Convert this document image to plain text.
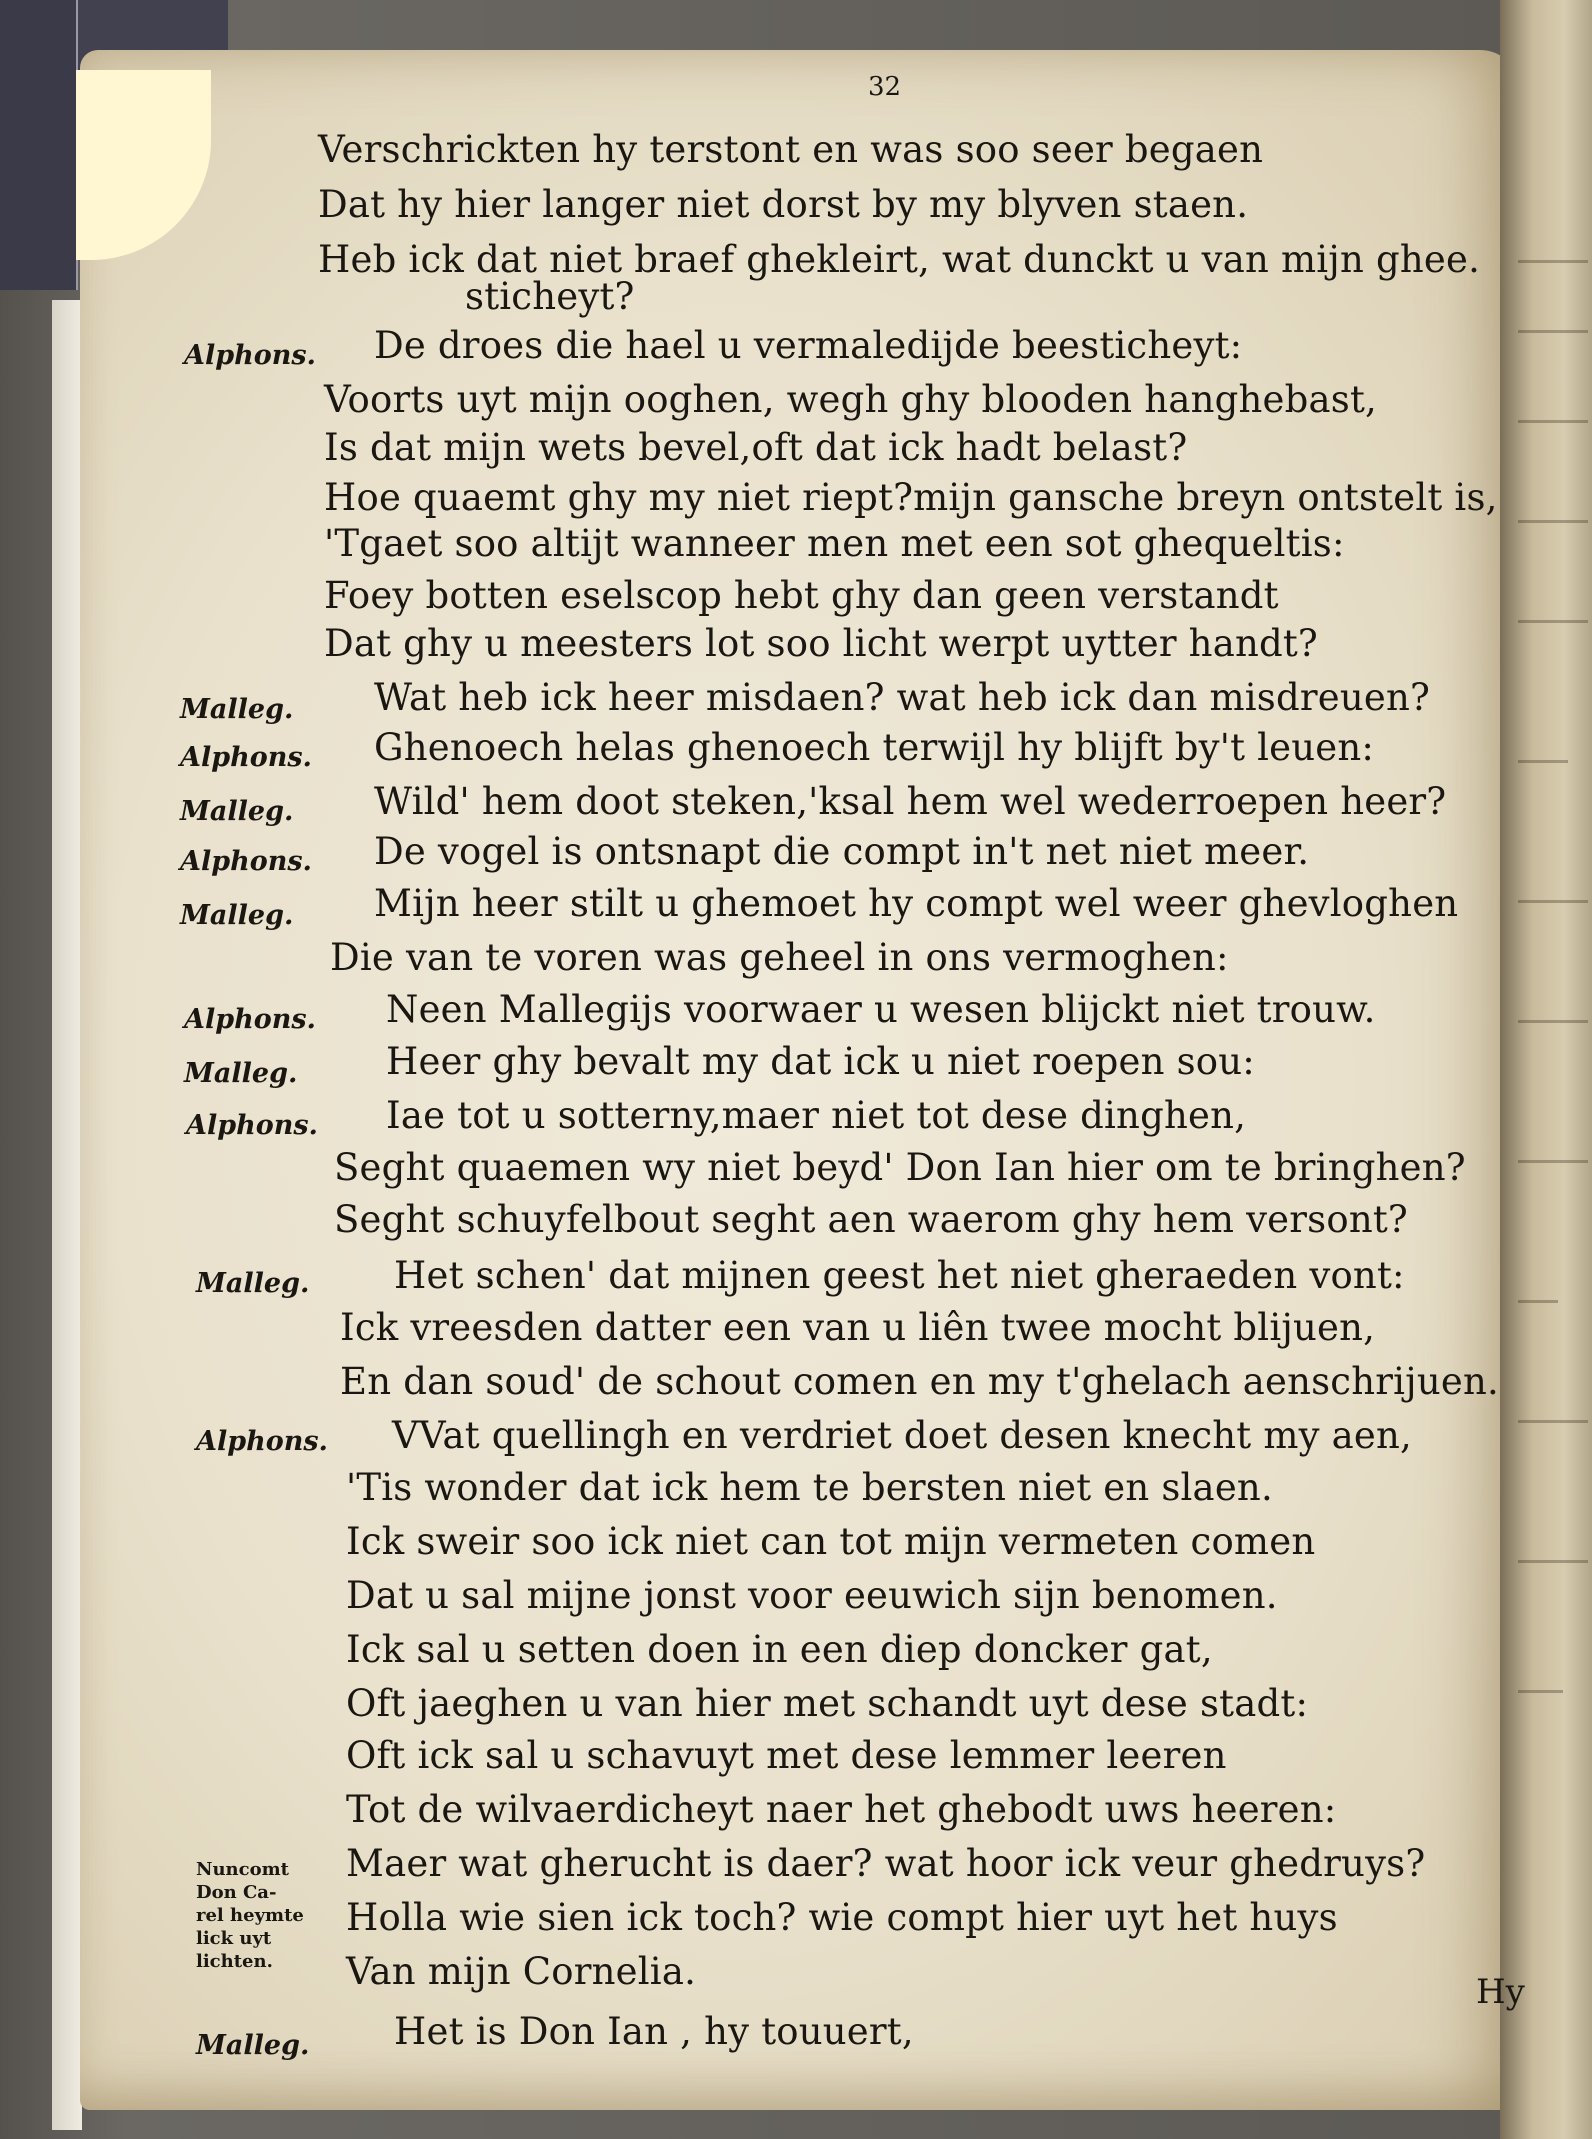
32
Verschrickten hy terstont en was soo seer begaen
Dat hy hier langer niet dorst by my blyven staen.
Heb ick dat niet braef ghekleirt, wat dunckt u van mijn ghee.
sticheyt?
De droes die hael u vermaledijde beesticheyt:
Voorts uyt mijn ooghen, wegh ghy blooden hanghebast,
Is dat mijn wets bevel,oft dat ick hadt belast?
Hoe quaemt ghy my niet riept?mijn gansche breyn ontstelt is,
'Tgaet soo altijt wanneer men met een sot ghequeltis:
Foey botten eselscop hebt ghy dan geen verstandt
Dat ghy u meesters lot soo licht werpt uytter handt?
Wat heb ick heer misdaen? wat heb ick dan misdreuen?
Ghenoech helas ghenoech terwijl hy blijft by't leuen:
Wild' hem doot steken,'ksal hem wel wederroepen heer?
De vogel is ontsnapt die compt in't net niet meer.
Mijn heer stilt u ghemoet hy compt wel weer ghevloghen
Die van te voren was geheel in ons vermoghen:
Neen Mallegijs voorwaer u wesen blijckt niet trouw.
Heer ghy bevalt my dat ick u niet roepen sou:
Iae tot u sotterny,maer niet tot dese dinghen,
Seght quaemen wy niet beyd' Don Ian hier om te bringhen?
Seght schuyfelbout seght aen waerom ghy hem versont?
Het schen' dat mijnen geest het niet gheraeden vont:
Ick vreesden datter een van u liên twee mocht blijuen,
En dan soud' de schout comen en my t'ghelach aenschrijuen.
VVat quellingh en verdriet doet desen knecht my aen,
'Tis wonder dat ick hem te bersten niet en slaen.
Ick sweir soo ick niet can tot mijn vermeten comen
Dat u sal mijne jonst voor eeuwich sijn benomen.
Ick sal u setten doen in een diep doncker gat,
Oft jaeghen u van hier met schandt uyt dese stadt:
Oft ick sal u schavuyt met dese lemmer leeren
Tot de wilvaerdicheyt naer het ghebodt uws heeren:
Maer wat gherucht is daer? wat hoor ick veur ghedruys?
Holla wie sien ick toch? wie compt hier uyt het huys
Van mijn Cornelia.
Het is Don Ian , hy touuert,
Alphons.
Malleg.
Alphons.
Malleg.
Alphons.
Malleg.
Alphons.
Malleg.
Alphons.
Malleg.
Alphons.
Malleg.
Nuncomt
Don Ca-
rel heymte
lick uyt
lichten.
Hy
